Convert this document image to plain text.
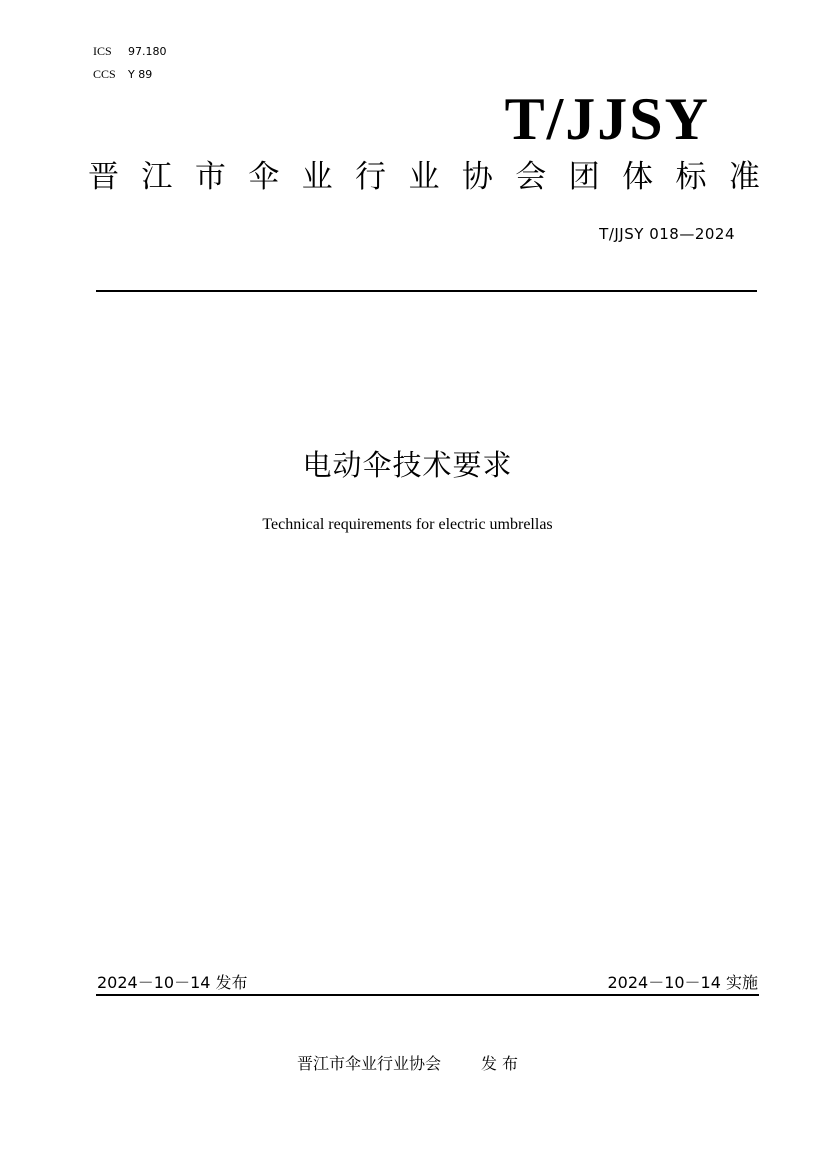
ICS	97.180
CCS	Y 89
T/JJSY
晋 江 市 伞 业 行 业 协 会 团 体 标 准
T/JJSY 018—2024
电动伞技术要求
Technical requirements for electric umbrellas
2024－10－14 发布	2024－10－14 实施
晋江市伞业行业协会	发 布
